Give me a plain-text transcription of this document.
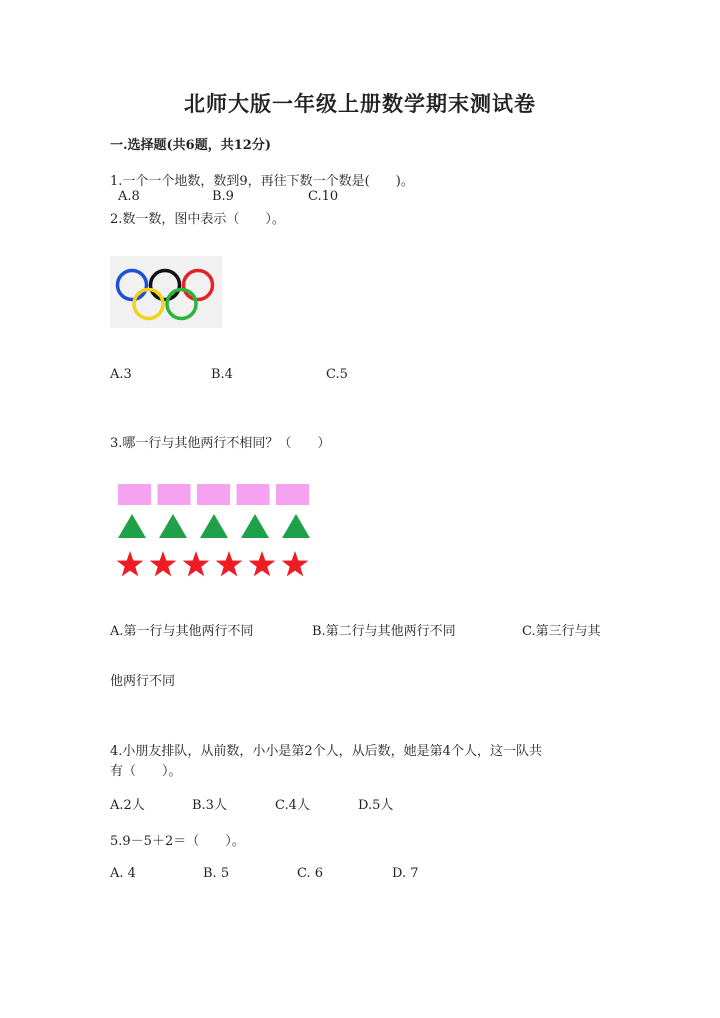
北师大版一年级上册数学期末测试卷
一.选择题(共6题，共12分)
1.一个一个地数，数到9，再往下数一个数是(　　)。
A.8	B.9	C.10
2.数一数，图中表示（　　）。
A.3	B.4	C.5
3.哪一行与其他两行不相同？（　　）
A.第一行与其他两行不同	B.第二行与其他两行不同	C.第三行与其
他两行不同
4.小朋友排队，从前数，小小是第2个人，从后数，她是第4个人，这一队共
有（　　）。
A.2人	B.3人	C.4人	D.5人
5.9－5＋2＝（　　）。
A. 4	B. 5	C. 6	D. 7
